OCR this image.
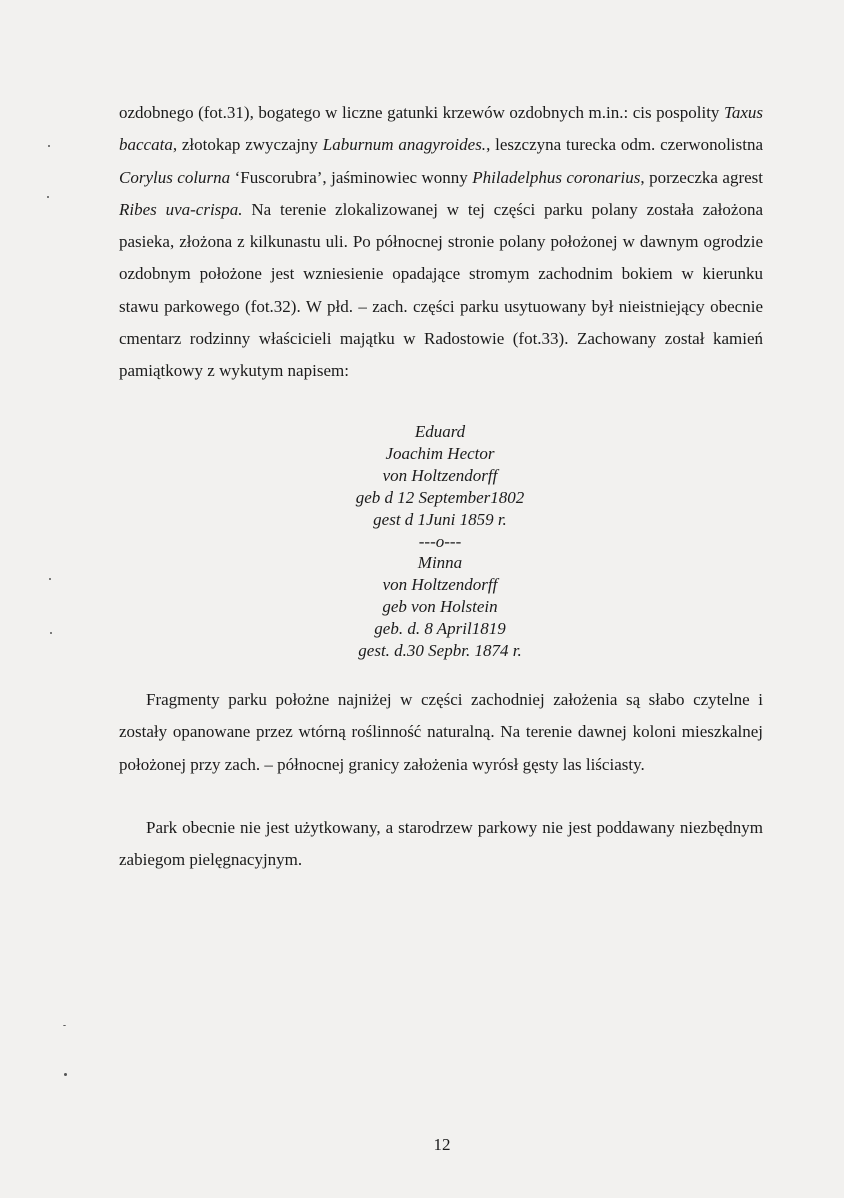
ozdobnego (fot.31), bogatego w liczne gatunki krzewów ozdobnych m.in.: cis pospolity Taxus baccata, złotokap zwyczajny Laburnum anagyroides., leszczyna turecka odm. czerwonolistna Corylus colurna ‘Fuscorubra’, jaśminowiec wonny Philadelphus coronarius, porzeczka agrest Ribes uva-crispa. Na terenie zlokalizowanej w tej części parku polany została założona pasieka, złożona z kilkunastu uli. Po północnej stronie polany położonej w dawnym ogrodzie ozdobnym położone jest wzniesienie opadające stromym zachodnim bokiem w kierunku stawu parkowego (fot.32). W płd. – zach. części parku usytuowany był nieistniejący obecnie cmentarz rodzinny właścicieli majątku w Radostowie (fot.33). Zachowany został kamień pamiątkowy z wykutym napisem:

Eduard
Joachim Hector
von Holtzendorff
geb d 12 September1802
gest d 1Juni 1859 r.
---o---
Minna
von Holtzendorff
geb von Holstein
geb. d. 8 April1819
gest. d.30 Sepbr. 1874 r.

Fragmenty parku położne najniżej w części zachodniej założenia są słabo czytelne i zostały opanowane przez wtórną roślinność naturalną. Na terenie dawnej koloni mieszkalnej położonej przy zach. – północnej granicy założenia wyrósł gęsty las liściasty.

Park obecnie nie jest użytkowany, a starodrzew parkowy nie jest poddawany niezbędnym zabiegom pielęgnacyjnym.

12
